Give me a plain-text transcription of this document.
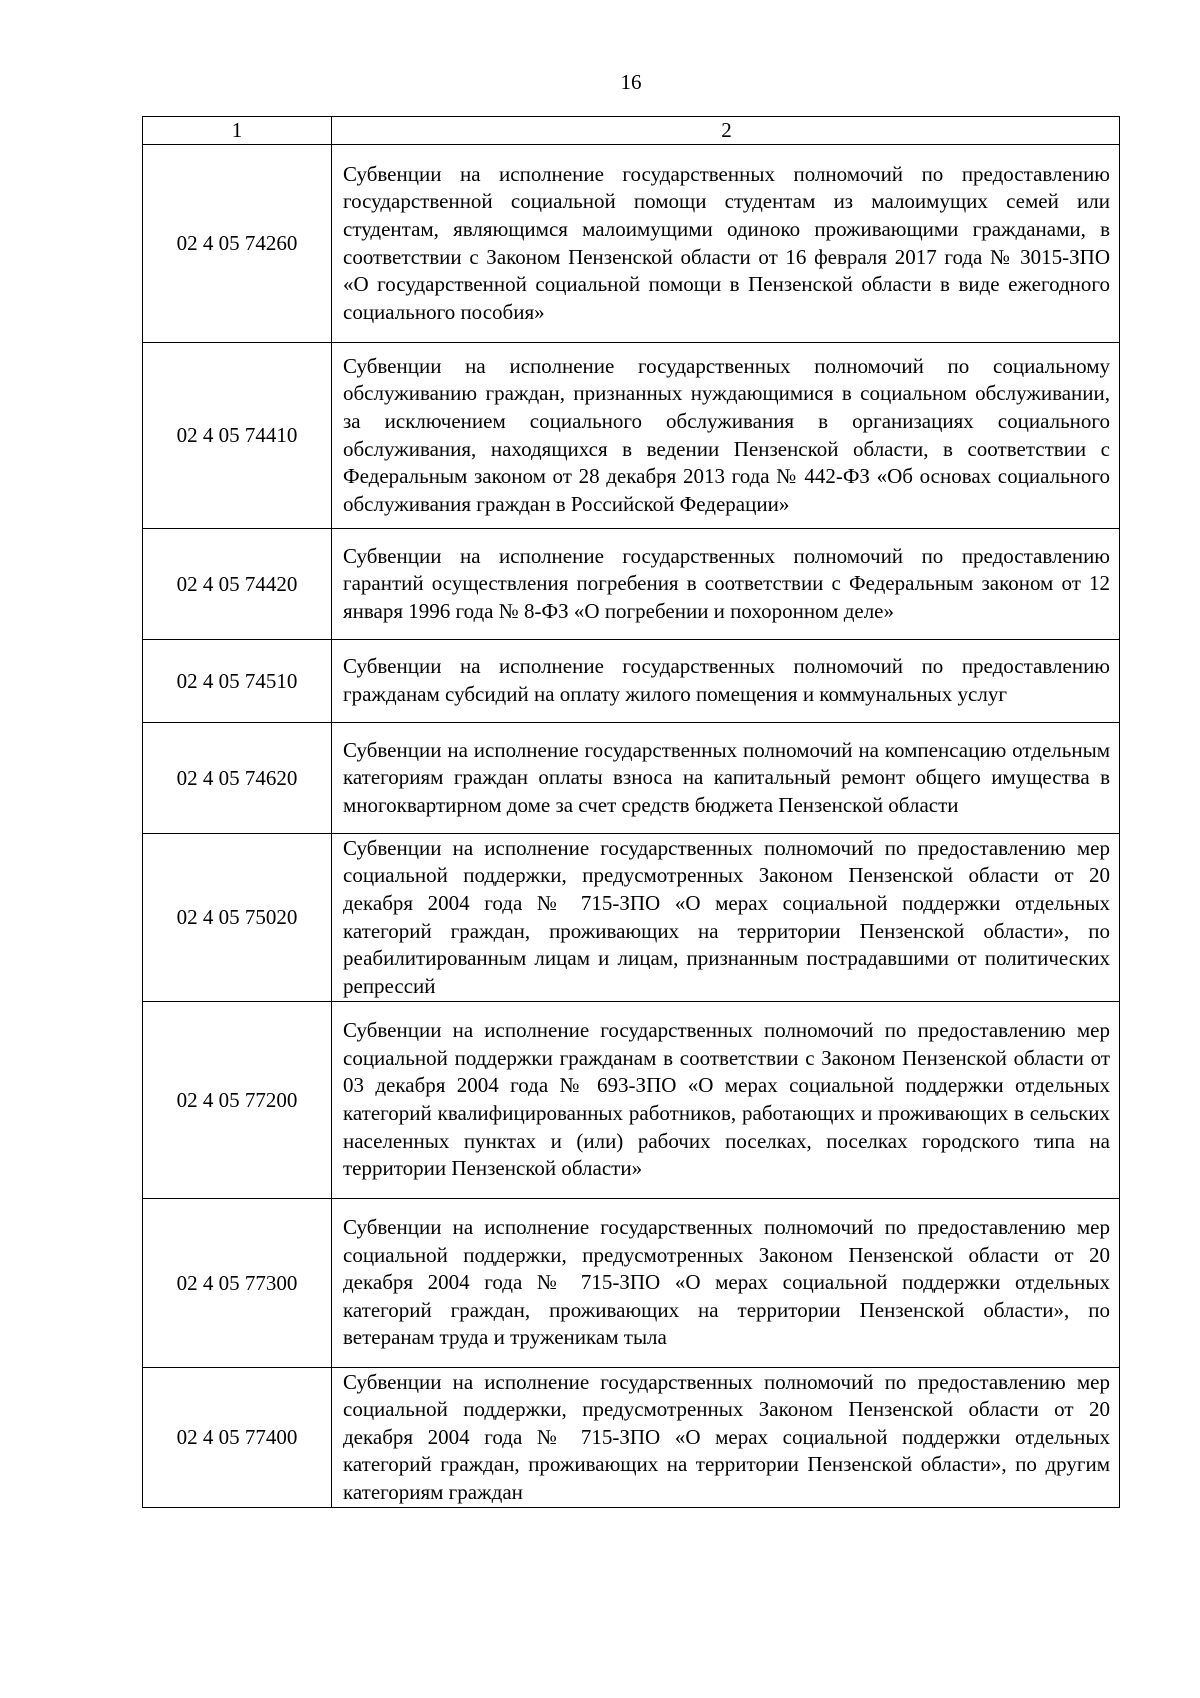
16
1	2
02 4 05 74260	Субвенции на исполнение государственных полномочий по предоставлению государственной социальной помощи студентам из малоимущих семей или студентам, являющимся малоимущими одиноко проживающими гражданами, в соответствии с Законом Пензенской области от 16 февраля 2017 года № 3015-ЗПО «О государственной социальной помощи в Пензенской области в виде ежегодного социального пособия»
02 4 05 74410	Субвенции на исполнение государственных полномочий по социальному обслуживанию граждан, признанных нуждающимися в социальном обслуживании, за исключением социального обслуживания в организациях социального обслуживания, находящихся в ведении Пензенской области, в соответствии с Федеральным законом от 28 декабря 2013 года № 442-ФЗ «Об основах социального обслуживания граждан в Российской Федерации»
02 4 05 74420	Субвенции на исполнение государственных полномочий по предоставлению гарантий осуществления погребения в соответствии с Федеральным законом от 12 января 1996 года № 8-ФЗ «О погребении и похоронном деле»
02 4 05 74510	Субвенции на исполнение государственных полномочий по предоставлению гражданам субсидий на оплату жилого помещения и коммунальных услуг
02 4 05 74620	Субвенции на исполнение государственных полномочий на компенсацию отдельным категориям граждан оплаты взноса на капитальный ремонт общего имущества в многоквартирном доме за счет средств бюджета Пензенской области
02 4 05 75020	Субвенции на исполнение государственных полномочий по предоставлению мер социальной поддержки, предусмотренных Законом Пензенской области от 20 декабря 2004 года № 715-ЗПО «О мерах социальной поддержки отдельных категорий граждан, проживающих на территории Пензенской области», по реабилитированным лицам и лицам, признанным пострадавшими от политических репрессий
02 4 05 77200	Субвенции на исполнение государственных полномочий по предоставлению мер социальной поддержки гражданам в соответствии с Законом Пензенской области от 03 декабря 2004 года № 693-ЗПО «О мерах социальной поддержки отдельных категорий квалифицированных работников, работающих и проживающих в сельских населенных пунктах и (или) рабочих поселках, поселках городского типа на территории Пензенской области»
02 4 05 77300	Субвенции на исполнение государственных полномочий по предоставлению мер социальной поддержки, предусмотренных Законом Пензенской области от 20 декабря 2004 года № 715-ЗПО «О мерах социальной поддержки отдельных категорий граждан, проживающих на территории Пензенской области», по ветеранам труда и труженикам тыла
02 4 05 77400	Субвенции на исполнение государственных полномочий по предоставлению мер социальной поддержки, предусмотренных Законом Пензенской области от 20 декабря 2004 года № 715-ЗПО «О мерах социальной поддержки отдельных категорий граждан, проживающих на территории Пензенской области», по другим категориям граждан
